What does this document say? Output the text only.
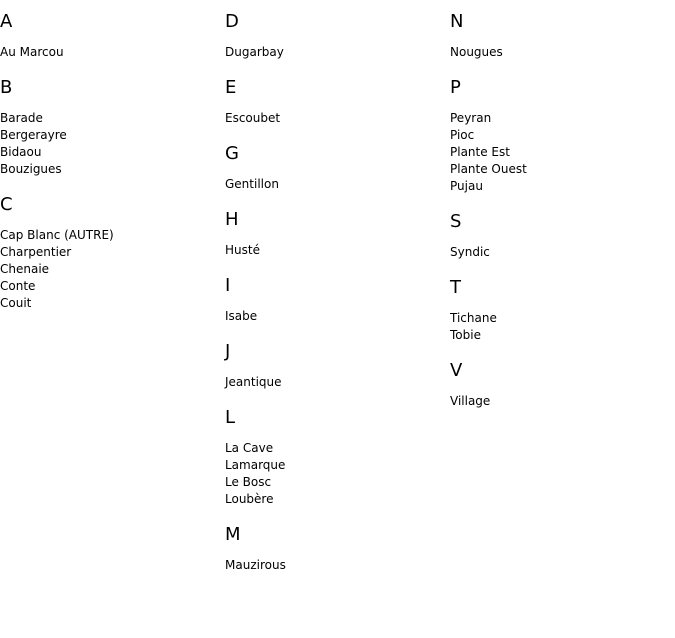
A
Au Marcou
B
Barade
Bergerayre
Bidaou
Bouzigues
C
Cap Blanc (AUTRE)
Charpentier
Chenaie
Conte
Couit
D
Dugarbay
E
Escoubet
G
Gentillon
H
Husté
I
Isabe
J
Jeantique
L
La Cave
Lamarque
Le Bosc
Loubère
M
Mauzirous
N
Nougues
P
Peyran
Pioc
Plante Est
Plante Ouest
Pujau
S
Syndic
T
Tichane
Tobie
V
Village
